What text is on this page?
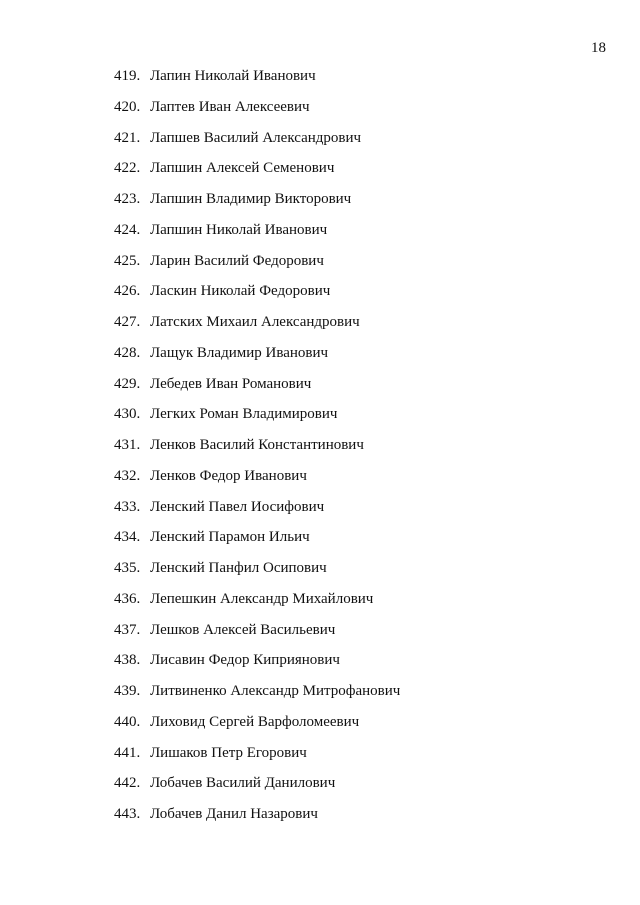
18
419. Лапин Николай Иванович
420. Лаптев Иван Алексеевич
421. Лапшев Василий Александрович
422. Лапшин Алексей Семенович
423. Лапшин Владимир Викторович
424. Лапшин Николай Иванович
425. Ларин Василий Федорович
426. Ласкин Николай Федорович
427. Латских Михаил Александрович
428. Лащук Владимир Иванович
429. Лебедев Иван Романович
430. Легких Роман Владимирович
431. Ленков Василий Константинович
432. Ленков Федор Иванович
433. Ленский Павел Иосифович
434. Ленский Парамон Ильич
435. Ленский Панфил Осипович
436. Лепешкин Александр Михайлович
437. Лешков Алексей Васильевич
438. Лисавин Федор Киприянович
439. Литвиненко Александр Митрофанович
440. Лиховид Сергей Варфоломеевич
441. Лишаков Петр Егорович
442. Лобачев Василий Данилович
443. Лобачев Данил Назарович
